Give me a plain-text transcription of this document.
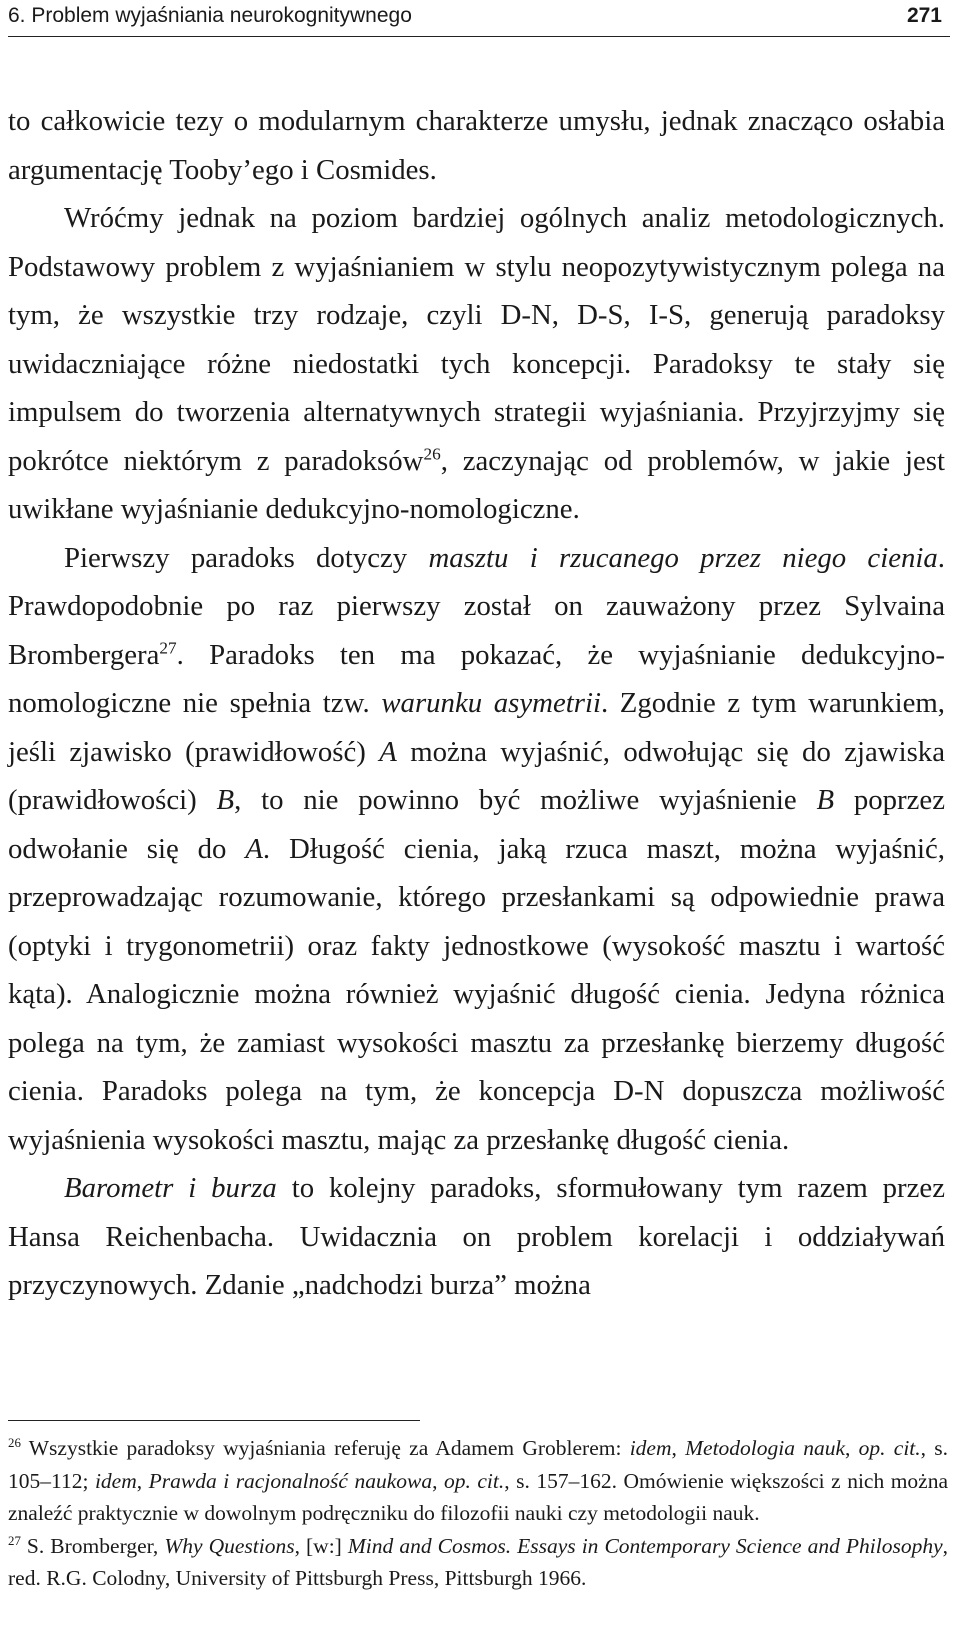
6. Problem wyjaśniania neurokognitywnego	271

to całkowicie tezy o modularnym charakterze umysłu, jednak znacząco osłabia argumentację Tooby’ego i Cosmides.

Wróćmy jednak na poziom bardziej ogólnych analiz metodologicznych. Podstawowy problem z wyjaśnianiem w stylu neopozytywistycznym polega na tym, że wszystkie trzy rodzaje, czyli D-N, D-S, I-S, generują paradoksy uwidaczniające różne niedostatki tych koncepcji. Paradoksy te stały się impulsem do tworzenia alternatywnych strategii wyjaśniania. Przyjrzyjmy się pokrótce niektórym z paradoksów$^{26}$, zaczynając od problemów, w jakie jest uwikłane wyjaśnianie dedukcyjno-nomologiczne.

Pierwszy paradoks dotyczy masztu i rzucanego przez niego cienia. Prawdopodobnie po raz pierwszy został on zauważony przez Sylvaina Brombergera$^{27}$. Paradoks ten ma pokazać, że wyjaśnianie dedukcyjno-nomologiczne nie spełnia tzw. warunku asymetrii. Zgodnie z tym warunkiem, jeśli zjawisko (prawidłowość) A można wyjaśnić, odwołując się do zjawiska (prawidłowości) B, to nie powinno być możliwe wyjaśnienie B poprzez odwołanie się do A. Długość cienia, jaką rzuca maszt, można wyjaśnić, przeprowadzając rozumowanie, którego przesłankami są odpowiednie prawa (optyki i trygonometrii) oraz fakty jednostkowe (wysokość masztu i wartość kąta). Analogicznie można również wyjaśnić długość cienia. Jedyna różnica polega na tym, że zamiast wysokości masztu za przesłankę bierzemy długość cienia. Paradoks polega na tym, że koncepcja D-N dopuszcza możliwość wyjaśnienia wysokości masztu, mając za przesłankę długość cienia.

Barometr i burza to kolejny paradoks, sformułowany tym razem przez Hansa Reichenbacha. Uwidacznia on problem korelacji i oddziaływań przyczynowych. Zdanie „nadchodzi burza” można

$^{26}$ Wszystkie paradoksy wyjaśniania referuję za Adamem Groblerem: idem, Metodologia nauk, op. cit., s. 105–112; idem, Prawda i racjonalność naukowa, op. cit., s. 157–162. Omówienie większości z nich można znaleźć praktycznie w dowolnym podręczniku do filozofii nauki czy metodologii nauk.

$^{27}$ S. Bromberger, Why Questions, [w:] Mind and Cosmos. Essays in Contemporary Science and Philosophy, red. R.G. Colodny, University of Pittsburgh Press, Pittsburgh 1966.
